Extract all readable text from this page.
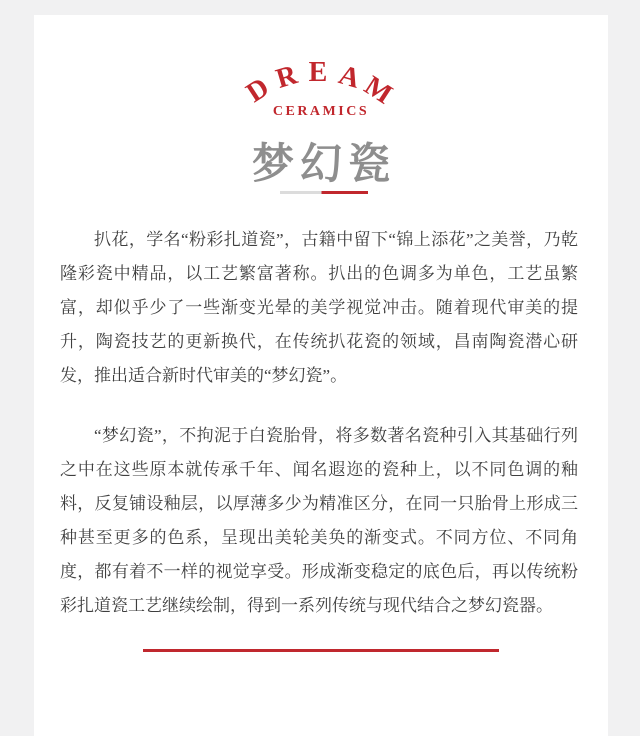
D
R E A
M
CERAMICS
梦幻瓷

扒花，学名“粉彩扎道瓷”，古籍中留下“锦上添花”之美誉，乃乾隆彩瓷中精品，以工艺繁富著称。扒出的色调多为单色，工艺虽繁富，却似乎少了一些渐变光晕的美学视觉冲击。随着现代审美的提升，陶瓷技艺的更新换代，在传统扒花瓷的领域，昌南陶瓷潜心研发，推出适合新时代审美的“梦幻瓷”。

“梦幻瓷”，不拘泥于白瓷胎骨，将多数著名瓷种引入其基础行列之中在这些原本就传承千年、闻名遐迩的瓷种上，以不同色调的釉料，反复铺设釉层，以厚薄多少为精准区分，在同一只胎骨上形成三种甚至更多的色系，呈现出美轮美奂的渐变式。不同方位、不同角度，都有着不一样的视觉享受。形成渐变稳定的底色后，再以传统粉彩扎道瓷工艺继续绘制，得到一系列传统与现代结合之梦幻瓷器。
